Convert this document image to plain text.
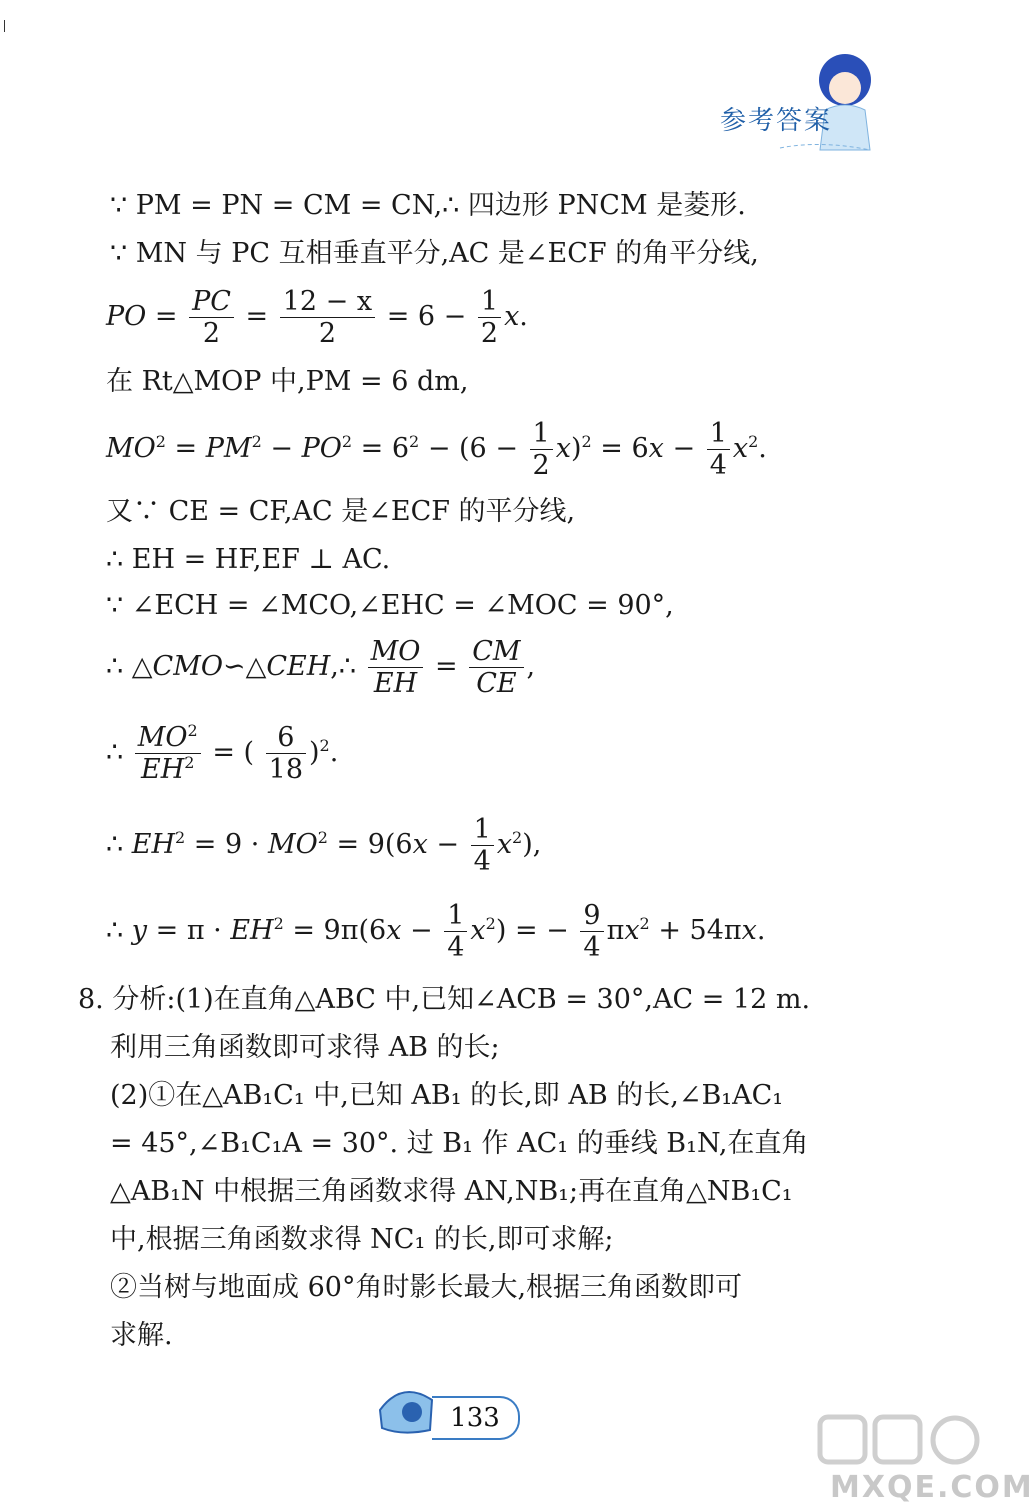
参考答案
∵ PM = PN = CM = CN,∴ 四边形 PNCM 是菱形.
∵ MN 与 PC 互相垂直平分,AC 是∠ECF 的角平分线,
PO = $\frac{PC}{2} = \frac{12 - x}{2} = 6 - \frac{1}{2} x$.
在 Rt△MOP 中,PM = 6 dm,
$MO^2 = PM^2 - PO^2 = 6^2 - (6 - \frac{1}{2} x)^2 = 6x - \frac{1}{4} x^2$.
又∵ CE = CF,AC 是∠ECF 的平分线,
∴ EH = HF,EF ⊥ AC.
∵ ∠ECH = ∠MCO,∠EHC = ∠MOC = 90°,
∴ △CMO∽△CEH,∴ $\frac{MO}{EH} = \frac{CM}{CE}$ ,
∴ $\frac{MO^2}{EH^2}$ = ( $\frac{6}{18} )^2$.
∴ $EH^2 = 9 \cdot MO^2 = 9(6x - \frac{1}{4} x^2)$,
∴ $y = \pi \cdot EH^2 = 9\pi(6x - \frac{1}{4} x^2)$ = − $\frac{9}{4} \pi x^2 + 54\pi x$.
8. 分析:(1)在直角△ABC 中,已知∠ACB = 30°,AC = 12 m.
利用三角函数即可求得 AB 的长;
(2)①在△AB₁C₁ 中,已知 AB₁ 的长,即 AB 的长,∠B₁AC₁
= 45°,∠B₁C₁A = 30°. 过 B₁ 作 AC₁ 的垂线 B₁N,在直角
△AB₁N 中根据三角函数求得 AN,NB₁;再在直角△NB₁C₁
中,根据三角函数求得 NC₁ 的长,即可求解;
②当树与地面成 60°角时影长最大,根据三角函数即可
求解.
133
MXQE.COM
